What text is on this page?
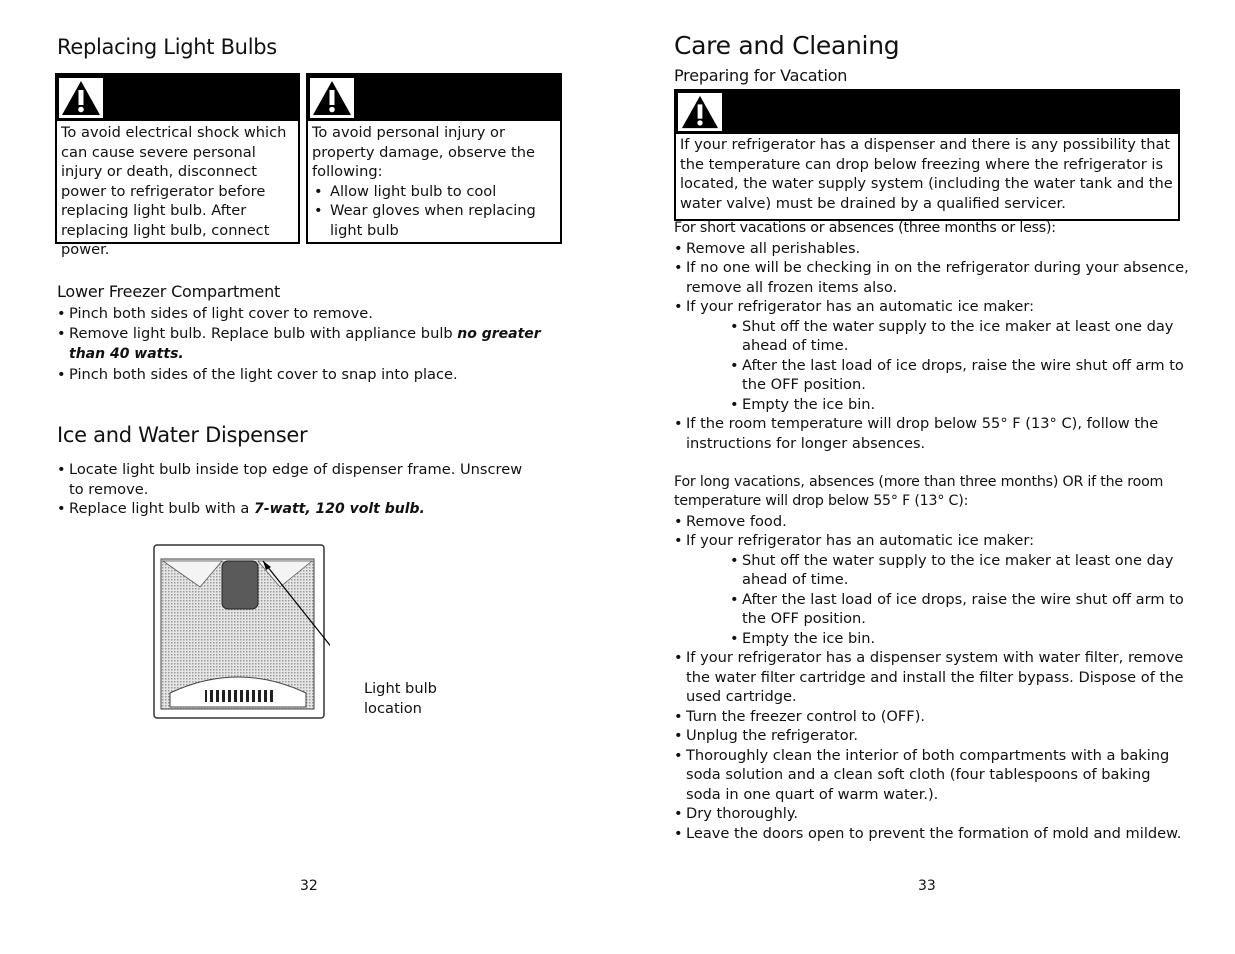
Replacing Light Bulbs
To avoid electrical shock which can cause severe personal injury or death, disconnect power to refrigerator before replacing light bulb. After replacing light bulb, connect power.
To avoid personal injury or property damage, observe the following:
• Allow light bulb to cool
• Wear gloves when replacing light bulb
Lower Freezer Compartment
• Pinch both sides of light cover to remove.
• Remove light bulb. Replace bulb with appliance bulb no greater than 40 watts.
• Pinch both sides of the light cover to snap into place.
Ice and Water Dispenser
• Locate light bulb inside top edge of dispenser frame. Unscrew to remove.
• Replace light bulb with a 7-watt, 120 volt bulb.
Light bulb location
32
Care and Cleaning
Preparing for Vacation
If your refrigerator has a dispenser and there is any possibility that the temperature can drop below freezing where the refrigerator is located, the water supply system (including the water tank and the water valve) must be drained by a qualified servicer.
For short vacations or absences (three months or less):
• Remove all perishables.
• If no one will be checking in on the refrigerator during your absence, remove all frozen items also.
• If your refrigerator has an automatic ice maker:
• Shut off the water supply to the ice maker at least one day ahead of time.
• After the last load of ice drops, raise the wire shut off arm to the OFF position.
• Empty the ice bin.
• If the room temperature will drop below 55° F (13° C), follow the instructions for longer absences.
For long vacations, absences (more than three months) OR if the room temperature will drop below 55° F (13° C):
• Remove food.
• If your refrigerator has an automatic ice maker:
• Shut off the water supply to the ice maker at least one day ahead of time.
• After the last load of ice drops, raise the wire shut off arm to the OFF position.
• Empty the ice bin.
• If your refrigerator has a dispenser system with water filter, remove the water filter cartridge and install the filter bypass. Dispose of the used cartridge.
• Turn the freezer control to (OFF).
• Unplug the refrigerator.
• Thoroughly clean the interior of both compartments with a baking soda solution and a clean soft cloth (four tablespoons of baking soda in one quart of warm water.).
• Dry thoroughly.
• Leave the doors open to prevent the formation of mold and mildew.
33
